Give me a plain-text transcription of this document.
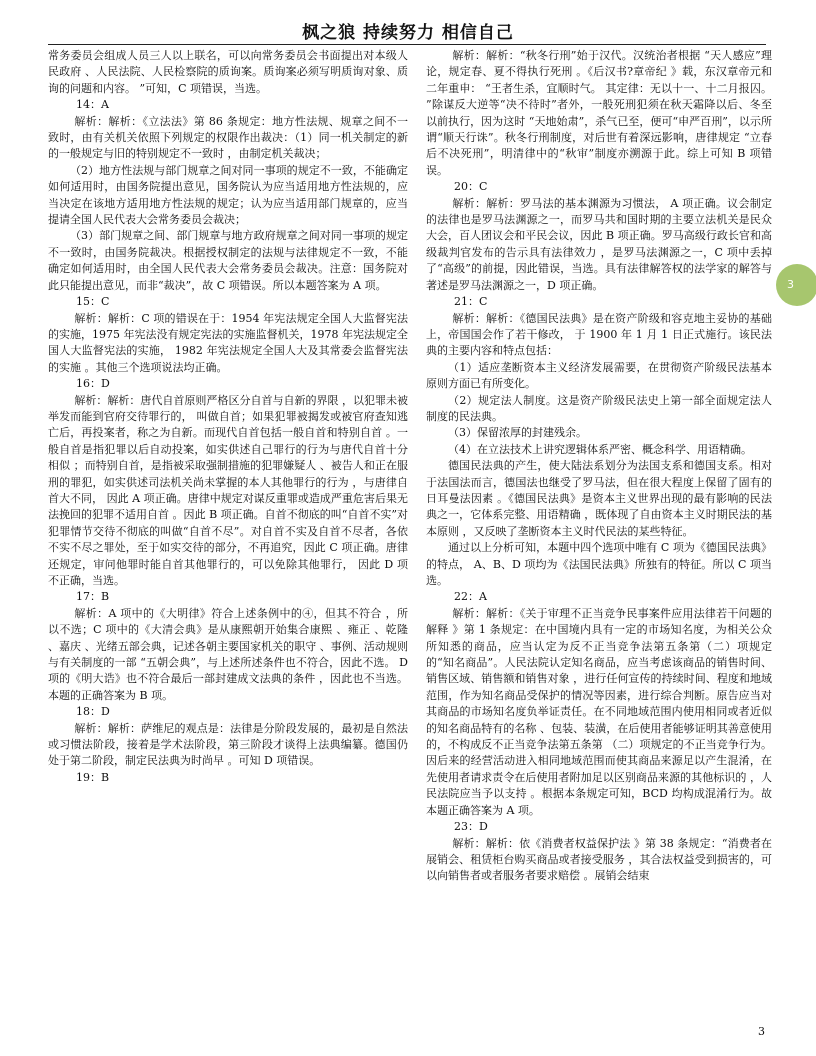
枫之狼 持续努力 相信自己

常务委员会组成人员三人以上联名，可以向常务委员会书面提出对本级人民政府 、人民法院、人民检察院的质询案。质询案必须写明质询对象、质询的问题和内容。 ”可知，C 项错误，当选。

14：A

解析：解析：《立法法》第 86 条规定：地方性法规、规章之间不一致时，由有关机关依照下列规定的权限作出裁决：（1）同一机关制定的新的一般规定与旧的特别规定不一致时 ，由制定机关裁决；

（2）地方性法规与部门规章之间对同一事项的规定不一致，不能确定如何适用时，由国务院提出意见，国务院认为应当适用地方性法规的，应当决定在该地方适用地方性法规的规定；认为应当适用部门规章的，应当提请全国人民代表大会常务委员会裁决；

（3）部门规章之间、部门规章与地方政府规章之间对同一事项的规定不一致时，由国务院裁决。根据授权制定的法规与法律规定不一致，不能确定如何适用时，由全国人民代表大会常务委员会裁决。注意：国务院对此只能提出意见，而非“裁决”，故 C 项错误。所以本题答案为 A 项。

15：C

解析：解析：C 项的错误在于：1954 年宪法规定全国人大监督宪法的实施，1975 年宪法没有规定宪法的实施监督机关，1978 年宪法规定全国人大监督宪法的实施， 1982 年宪法规定全国人大及其常委会监督宪法的实施 。其他三个选项说法均正确。

16：D

解析：解析：唐代自首原则严格区分自首与自新的界限 ，以犯罪未被举发而能到官府交待罪行的， 叫做自首；如果犯罪被揭发或被官府查知逃亡后，再投案者，称之为自新。而现代自首包括一般自首和特别自首 。一般自首是指犯罪以后自动投案，如实供述自己罪行的行为与唐代自首十分相似 ；而特别自首，是指被采取强制措施的犯罪嫌疑人 、被告人和正在服刑的罪犯，如实供述司法机关尚未掌握的本人其他罪行的行为 ，与唐律自首大不同， 因此 A 项正确。唐律中规定对谋反重罪或造成严重危害后果无法挽回的犯罪不适用自首 。因此 B 项正确。自首不彻底的叫“自首不实”对犯罪情节交待不彻底的叫做“自首不尽”。对自首不实及自首不尽者，各依不实不尽之罪处，至于如实交待的部分，不再追究，因此 C 项正确。唐律还规定，审问他罪时能自首其他罪行的，可以免除其他罪行， 因此 D 项不正确，当选。

17：B

解析：A 项中的《大明律》符合上述条例中的④，但其不符合 ，所以不选；C 项中的《大清会典》是从康熙朝开始集合康熙 、雍正 、乾隆 、嘉庆 、光绪五部会典，记述各朝主要国家机关的职守 、事例、活动规则与有关制度的一部 “五朝会典”，与上述所述条件也不符合，因此不选。 D 项的《明大诰》也不符合最后一部封建成文法典的条件 ，因此也不当选。本题的正确答案为 B 项。

18：D

解析：解析：萨维尼的观点是：法律是分阶段发展的，最初是自然法或习惯法阶段，接着是学术法阶段，第三阶段才谈得上法典编纂。德国仍处于第二阶段，制定民法典为时尚早 。可知 D 项错误。

19：B

解析：解析：“秋冬行刑”始于汉代。汉统治者根据 “天人感应”理论，规定春、夏不得执行死刑 。《后汉书?章帝纪 》载，东汉章帝元和二年重申： “王者生杀，宜顺时气。 其定律：无以十一、十二月报囚。 ”除谋反大逆等“决不待时”者外，一般死刑犯须在秋天霜降以后、冬至以前执行，因为这时 “天地始肃”，杀气已至，便可“申严百刑”，以示所谓“顺天行诛”。秋冬行刑制度，对后世有着深远影响，唐律规定 “立春后不决死刑”，明清律中的“秋审”制度亦溯源于此。综上可知 B 项错误。

20：C

解析：解析：罗马法的基本渊源为习惯法， A 项正确。议会制定的法律也是罗马法渊源之一，而罗马共和国时期的主要立法机关是民众大会，百人团议会和平民会议，因此 B 项正确。罗马高级行政长官和高级裁判官发布的告示具有法律效力 ，是罗马法渊源之一，C 项中丢掉了“高级”的前提，因此错误，当选。具有法律解答权的法学家的解答与著述是罗马法渊源之一，D 项正确。

21：C

解析：解析：《德国民法典》是在资产阶级和容克地主妥协的基础上，帝国国会作了若干修改， 于 1900 年 1 月 1 日正式施行。该民法典的主要内容和特点包括：

（1）适应垄断资本主义经济发展需要，在贯彻资产阶级民法基本原则方面已有所变化。

（2）规定法人制度。这是资产阶级民法史上第一部全面规定法人制度的民法典。

（3）保留浓厚的封建残余。

（4）在立法技术上讲究逻辑体系严密、概念科学、用语精确。

德国民法典的产生，使大陆法系划分为法国支系和德国支系。相对于法国法而言，德国法也继受了罗马法，但在很大程度上保留了固有的日耳曼法因素 。《德国民法典》是资本主义世界出现的最有影响的民法典之一，它体系完整、用语精确 ，既体现了自由资本主义时期民法的基本原则 ，又反映了垄断资本主义时代民法的某些特征。

通过以上分析可知，本题中四个选项中唯有 C 项为《德国民法典》的特点， A、B、D 项均为《法国民法典》所独有的特征。所以 C 项当选。

22：A

解析：解析：《关于审理不正当竞争民事案件应用法律若干问题的解释 》第 1 条规定：在中国境内具有一定的市场知名度，为相关公众所知悉的商品，应当认定为反不正当竞争法第五条第（二）项规定的“知名商品”。人民法院认定知名商品，应当考虑该商品的销售时间、销售区域、销售额和销售对象 ，进行任何宣传的持续时间、程度和地域范围，作为知名商品受保护的情况等因素，进行综合判断。原告应当对其商品的市场知名度负举证责任。在不同地域范围内使用相同或者近似的知名商品特有的名称 、包装、装潢，在后使用者能够证明其善意使用的，不构成反不正当竞争法第五条第 （二）项规定的不正当竞争行为。因后来的经营活动进入相同地域范围而使其商品来源足以产生混淆，在先使用者请求责令在后使用者附加足以区别商品来源的其他标识的 ，人民法院应当予以支持 。根据本条规定可知，BCD 均构成混淆行为。故本题正确答案为 A 项。

23：D

解析：解析：依《消费者权益保护法 》第 38 条规定：“消费者在展销会、租赁柜台购买商品或者接受服务 ，其合法权益受到损害的，可以向销售者或者服务者要求赔偿 。展销会结束

3
3
